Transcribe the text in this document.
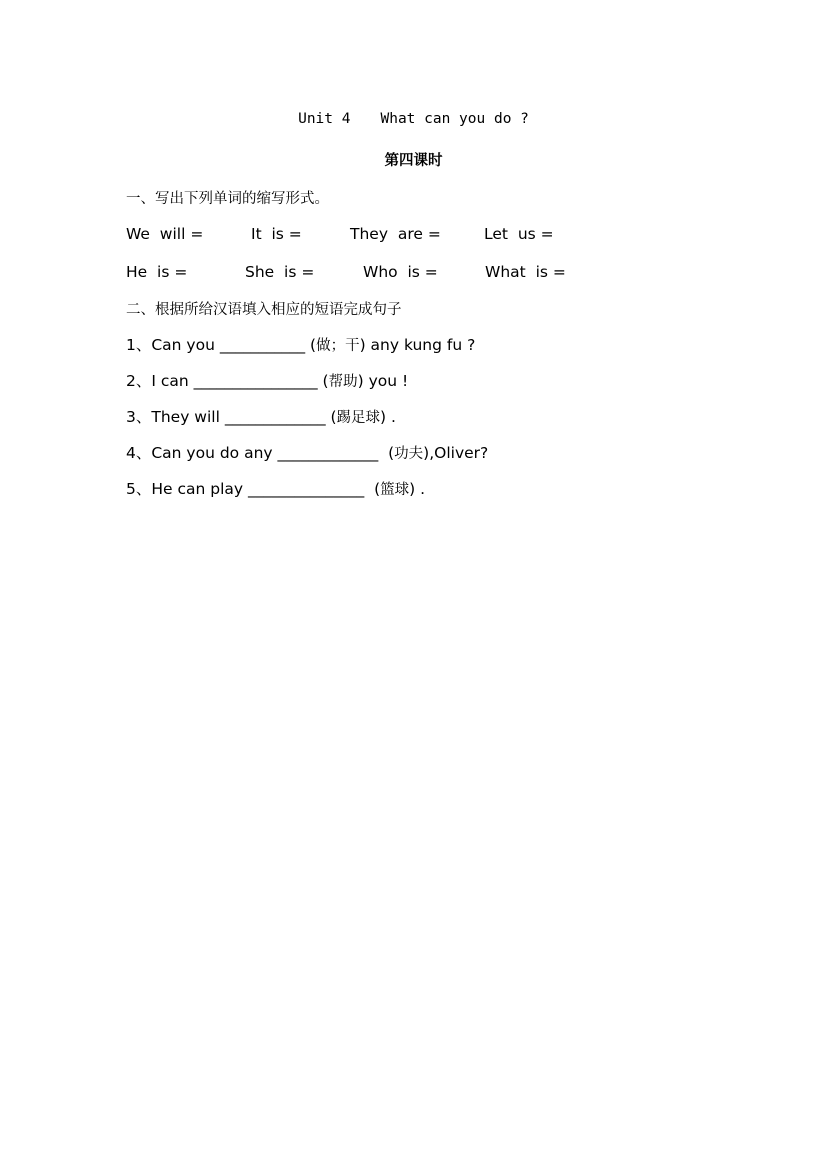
Unit 4 What can you do ?
第四课时
一、写出下列单词的缩写形式。
We  will =	It  is =	They  are =	Let  us =
He  is =	She  is =	Who  is =	What  is =
二、根据所给汉语填入相应的短语完成句子
1、Can you ___________ (做；干) any kung fu ?
2、I can ________________ (帮助) you !
3、They will _____________ (踢足球) .
4、Can you do any _____________  (功夫),Oliver?
5、He can play _______________  (篮球) .
